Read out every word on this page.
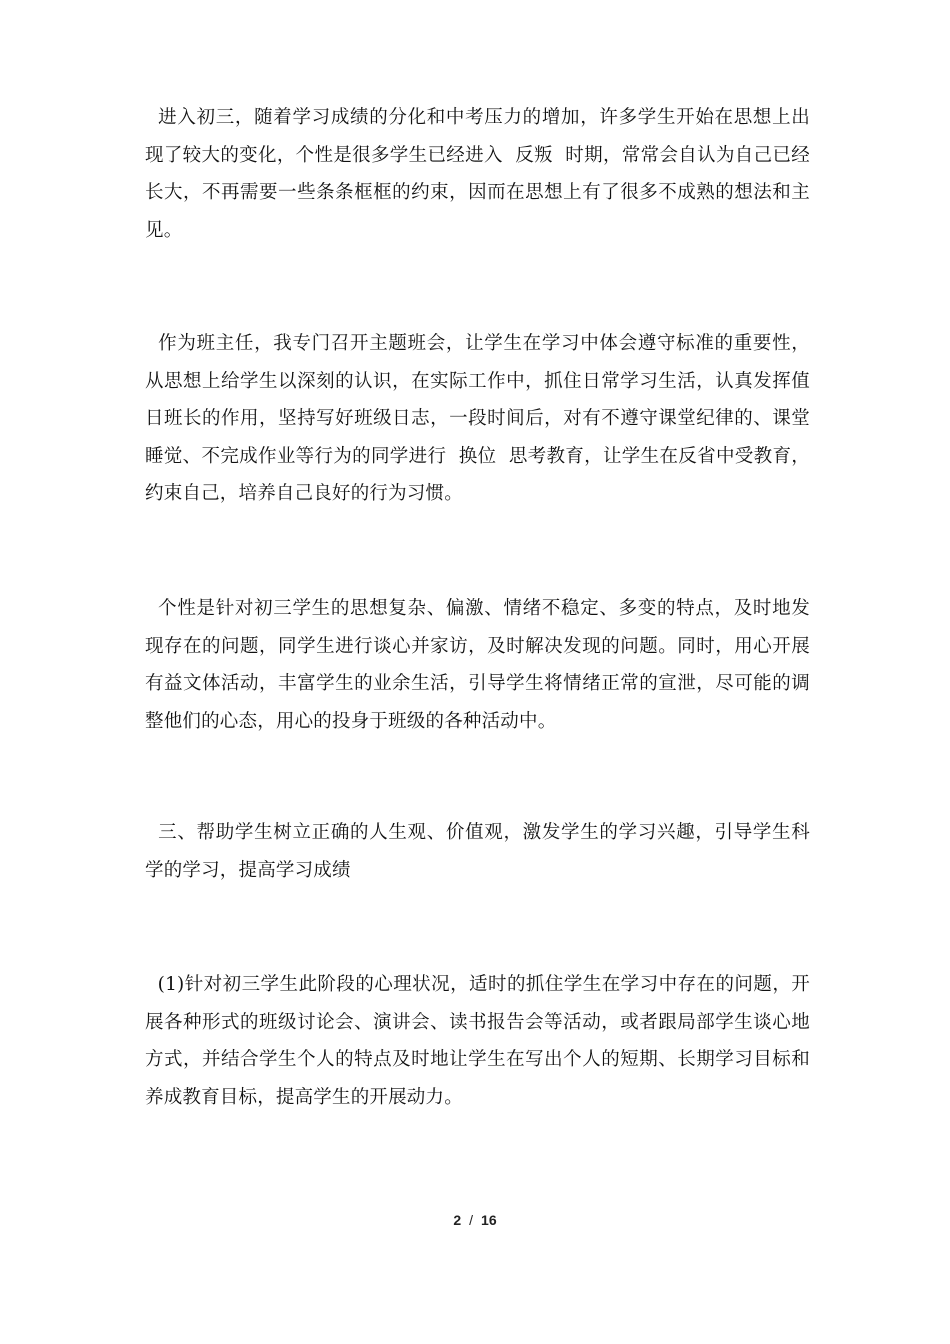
进入初三，随着学习成绩的分化和中考压力的增加，许多学生开始在思想上出现了较大的变化，个性是很多学生已经进入  反叛  时期，常常会自认为自己已经长大，不再需要一些条条框框的约束，因而在思想上有了很多不成熟的想法和主见。

作为班主任，我专门召开主题班会，让学生在学习中体会遵守标准的重要性，从思想上给学生以深刻的认识，在实际工作中，抓住日常学习生活，认真发挥值日班长的作用，坚持写好班级日志，一段时间后，对有不遵守课堂纪律的、课堂睡觉、不完成作业等行为的同学进行  换位  思考教育，让学生在反省中受教育，约束自己，培养自己良好的行为习惯。

个性是针对初三学生的思想复杂、偏激、情绪不稳定、多变的特点，及时地发现存在的问题，同学生进行谈心并家访，及时解决发现的问题。同时，用心开展有益文体活动，丰富学生的业余生活，引导学生将情绪正常的宣泄，尽可能的调整他们的心态，用心的投身于班级的各种活动中。

三、帮助学生树立正确的人生观、价值观，激发学生的学习兴趣，引导学生科学的学习，提高学习成绩

(1)针对初三学生此阶段的心理状况，适时的抓住学生在学习中存在的问题，开展各种形式的班级讨论会、演讲会、读书报告会等活动，或者跟局部学生谈心地方式，并结合学生个人的特点及时地让学生在写出个人的短期、长期学习目标和养成教育目标，提高学生的开展动力。

2 / 16
